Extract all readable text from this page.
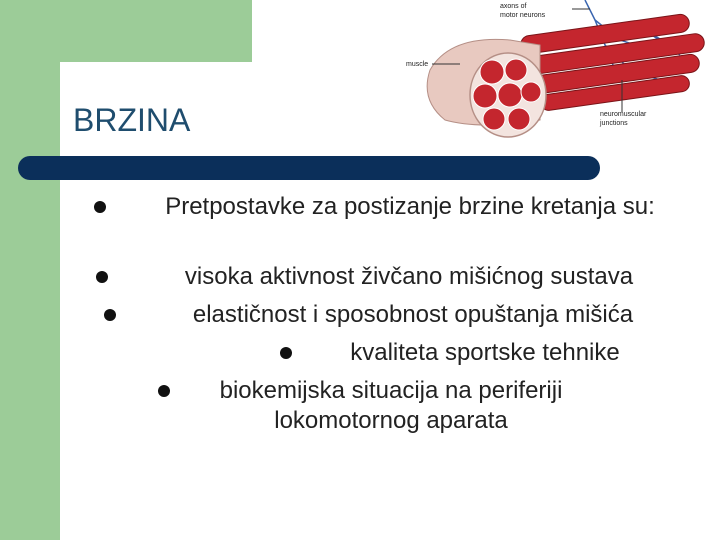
axons of
motor neurons
muscle
neuromuscular
junctions
BRZINA
Pretpostavke za postizanje brzine kretanja su:
visoka aktivnost živčano mišićnog sustava
elastičnost i sposobnost opuštanja mišića
kvaliteta sportske tehnike
biokemijska situacija na periferiji lokomotornog aparata
